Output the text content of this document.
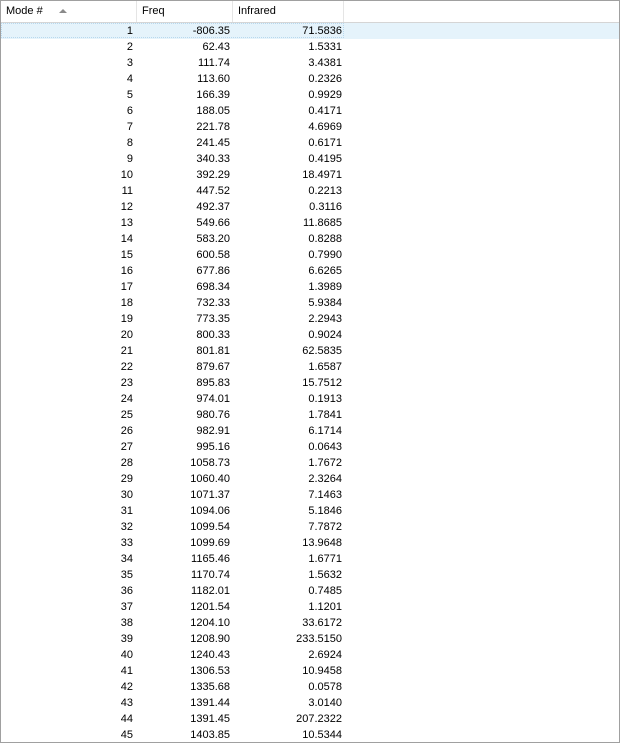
Mode #	Freq	Infrared
1	-806.35	71.5836
2	62.43	1.5331
3	111.74	3.4381
4	113.60	0.2326
5	166.39	0.9929
6	188.05	0.4171
7	221.78	4.6969
8	241.45	0.6171
9	340.33	0.4195
10	392.29	18.4971
11	447.52	0.2213
12	492.37	0.3116
13	549.66	11.8685
14	583.20	0.8288
15	600.58	0.7990
16	677.86	6.6265
17	698.34	1.3989
18	732.33	5.9384
19	773.35	2.2943
20	800.33	0.9024
21	801.81	62.5835
22	879.67	1.6587
23	895.83	15.7512
24	974.01	0.1913
25	980.76	1.7841
26	982.91	6.1714
27	995.16	0.0643
28	1058.73	1.7672
29	1060.40	2.3264
30	1071.37	7.1463
31	1094.06	5.1846
32	1099.54	7.7872
33	1099.69	13.9648
34	1165.46	1.6771
35	1170.74	1.5632
36	1182.01	0.7485
37	1201.54	1.1201
38	1204.10	33.6172
39	1208.90	233.5150
40	1240.43	2.6924
41	1306.53	10.9458
42	1335.68	0.0578
43	1391.44	3.0140
44	1391.45	207.2322
45	1403.85	10.5344
